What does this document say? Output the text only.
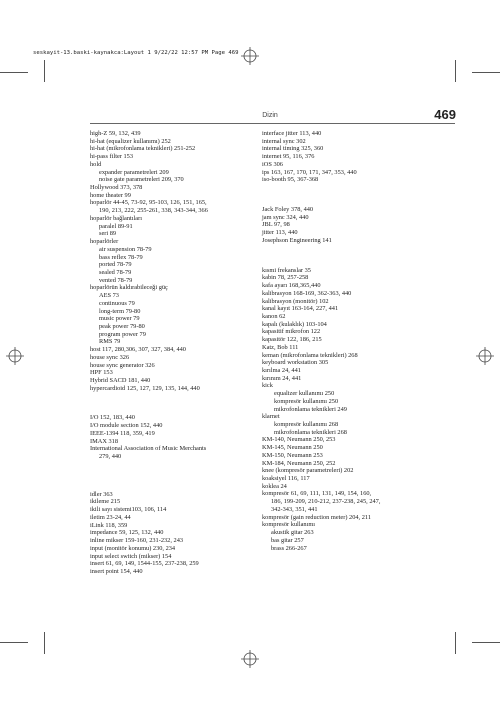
seskayit-13.baski-kaynakca:Layout 1 9/22/22 12:57 PM Page 469
Dizin	469
high-Z 59, 132, 439
hi-hat (equalizer kullanımı) 252
hi-hat (mikrofonlama teknikleri) 251-252
hi-pass filter 153
hold
expander parametreleri 209
noise gate parametreleri 209, 370
Hollywood 373, 378
home theater 99
hoparlör 44-45, 73-92, 95-103, 126, 151, 165,
190, 213, 222, 255-261, 338, 343-344, 366
hoparlör bağlantıları
paralel 89-91
seri 89
hoparlörler
air suspension 78-79
bass reflex 78-79
ported 78-79
sealed 78-79
vented 78-79
hoparlörün kaldırabileceği güç
AES 73
continuous 79
long-term 79-80
music power 79
peak power 79-80
program power 79
RMS 79
host 117, 280,306, 307, 327, 384, 440
house sync 326
house sync generator 326
HPF 153
Hybrid SACD 181, 440
hypercardioid 125, 127, 129, 135, 144, 440
I/O 152, 183, 440
I/O module section 152, 440
IEEE-1394 118, 359, 419
IMAX 318
International Association of Music Merchants
279, 440
idler 363
ikileme 215
ikili sayı sistemi103, 106, 114
iletim 23-24, 44
iLink 118, 359
impedance 59, 125, 132, 440
inline mikser 159-160, 231-232, 243
input (monitör konumu) 230, 234
input select switch (mikser) 154
insert 61, 69, 149, 1544-155, 237-238, 259
insert point 154, 440
interface jitter 113, 440
internal sync 302
internal timing 325, 360
internet 95, 116, 376
iOS 306
ips 163, 167, 170, 171, 347, 353, 440
iso-booth 95, 367-368
Jack Foley 378, 440
jam sync 324, 440
JBL 97, 98
jitter 113, 440
Josephson Engineering 141
kısmi frekanslar 35
kabin 78, 257-258
kafa ayarı 168,365,440
kalibrasyon 168-169, 362-363, 440
kalibrasyon (monitör) 102
kanal kayıt 163-164, 227, 441
kanon 62
kapalı (kulaklık) 103-104
kapasitif mikrofon 122
kapasitör 122, 186, 215
Katz, Bob 111
keman (mikrofonlama teknikleri) 268
keyboard workstation 305
kırılma 24, 441
kırınım 24, 441
kick
equalizer kullanımı 250
kompresör kullanımı 250
mikrofonlama teknikleri 249
klarnet
kompresör kullanımı 268
mikrofonlama teknikleri 268
KM-140, Neumann 250, 253
KM-145, Neumann 250
KM-150, Neumann 253
KM-184, Neumann 250, 252
knee (kompresör parametreleri) 202
koaksiyel 116, 117
koklea 24
kompresör 61, 69, 111, 131, 149, 154, 160,
186, 199-209, 210-212, 237-238, 245, 247,
342-343, 351, 441
kompresör (gain reduction meter) 204, 211
kompresör kullanımı
akustik gitar 263
bas gitar 257
brass 266-267
